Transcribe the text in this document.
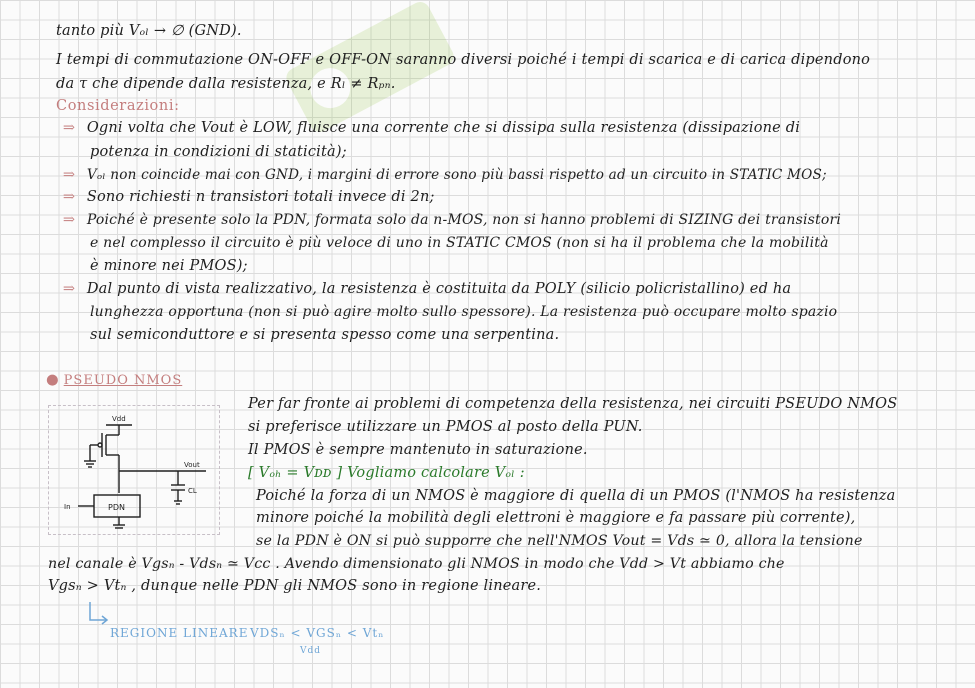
tanto più Vₒₗ → ∅ (GND).
I tempi di commutazione ON-OFF e OFF-ON saranno diversi poiché i tempi di scarica e di carica dipendono
da τ che dipende dalla resistenza, e Rₗ ≠ Rₚₙ.
Considerazioni:
⇒ Ogni volta che Vout è LOW, fluisce una corrente che si dissipa sulla resistenza (dissipazione di
potenza in condizioni di staticità);
⇒ Vₒₗ non coincide mai con GND, i margini di errore sono più bassi rispetto ad un circuito in STATIC MOS;
⇒ Sono richiesti n transistori totali invece di 2n;
⇒ Poiché è presente solo la PDN, formata solo da n-MOS, non si hanno problemi di SIZING dei transistori
e nel complesso il circuito è più veloce di uno in STATIC CMOS (non si ha il problema che la mobilità
è minore nei PMOS);
⇒ Dal punto di vista realizzativo, la resistenza è costituita da POLY (silicio policristallino) ed ha
lunghezza opportuna (non si può agire molto sullo spessore). La resistenza può occupare molto spazio
sul semiconduttore e si presenta spesso come una serpentina.
● PSEUDO NMOS
Vdd
Vout
PDN
In
CL
Per far fronte ai problemi di competenza della resistenza, nei circuiti PSEUDO NMOS
si preferisce utilizzare un PMOS al posto della PUN.
Il PMOS è sempre mantenuto in saturazione.
[ Vₒₕ = Vᴅᴅ ] Vogliamo calcolare Vₒₗ :
Poiché la forza di un NMOS è maggiore di quella di un PMOS (l'NMOS ha resistenza
minore poiché la mobilità degli elettroni è maggiore e fa passare più corrente),
se la PDN è ON si può supporre che nell'NMOS Vout = Vds ≃ 0, allora la tensione
nel canale è Vgsₙ - Vdsₙ ≃ Vcc . Avendo dimensionato gli NMOS in modo che Vdd > Vt abbiamo che
Vgsₙ > Vtₙ , dunque nelle PDN gli NMOS sono in regione lineare.
REGIONE LINEARE VDSₙ < VGSₙ < Vtₙ
Vdd
